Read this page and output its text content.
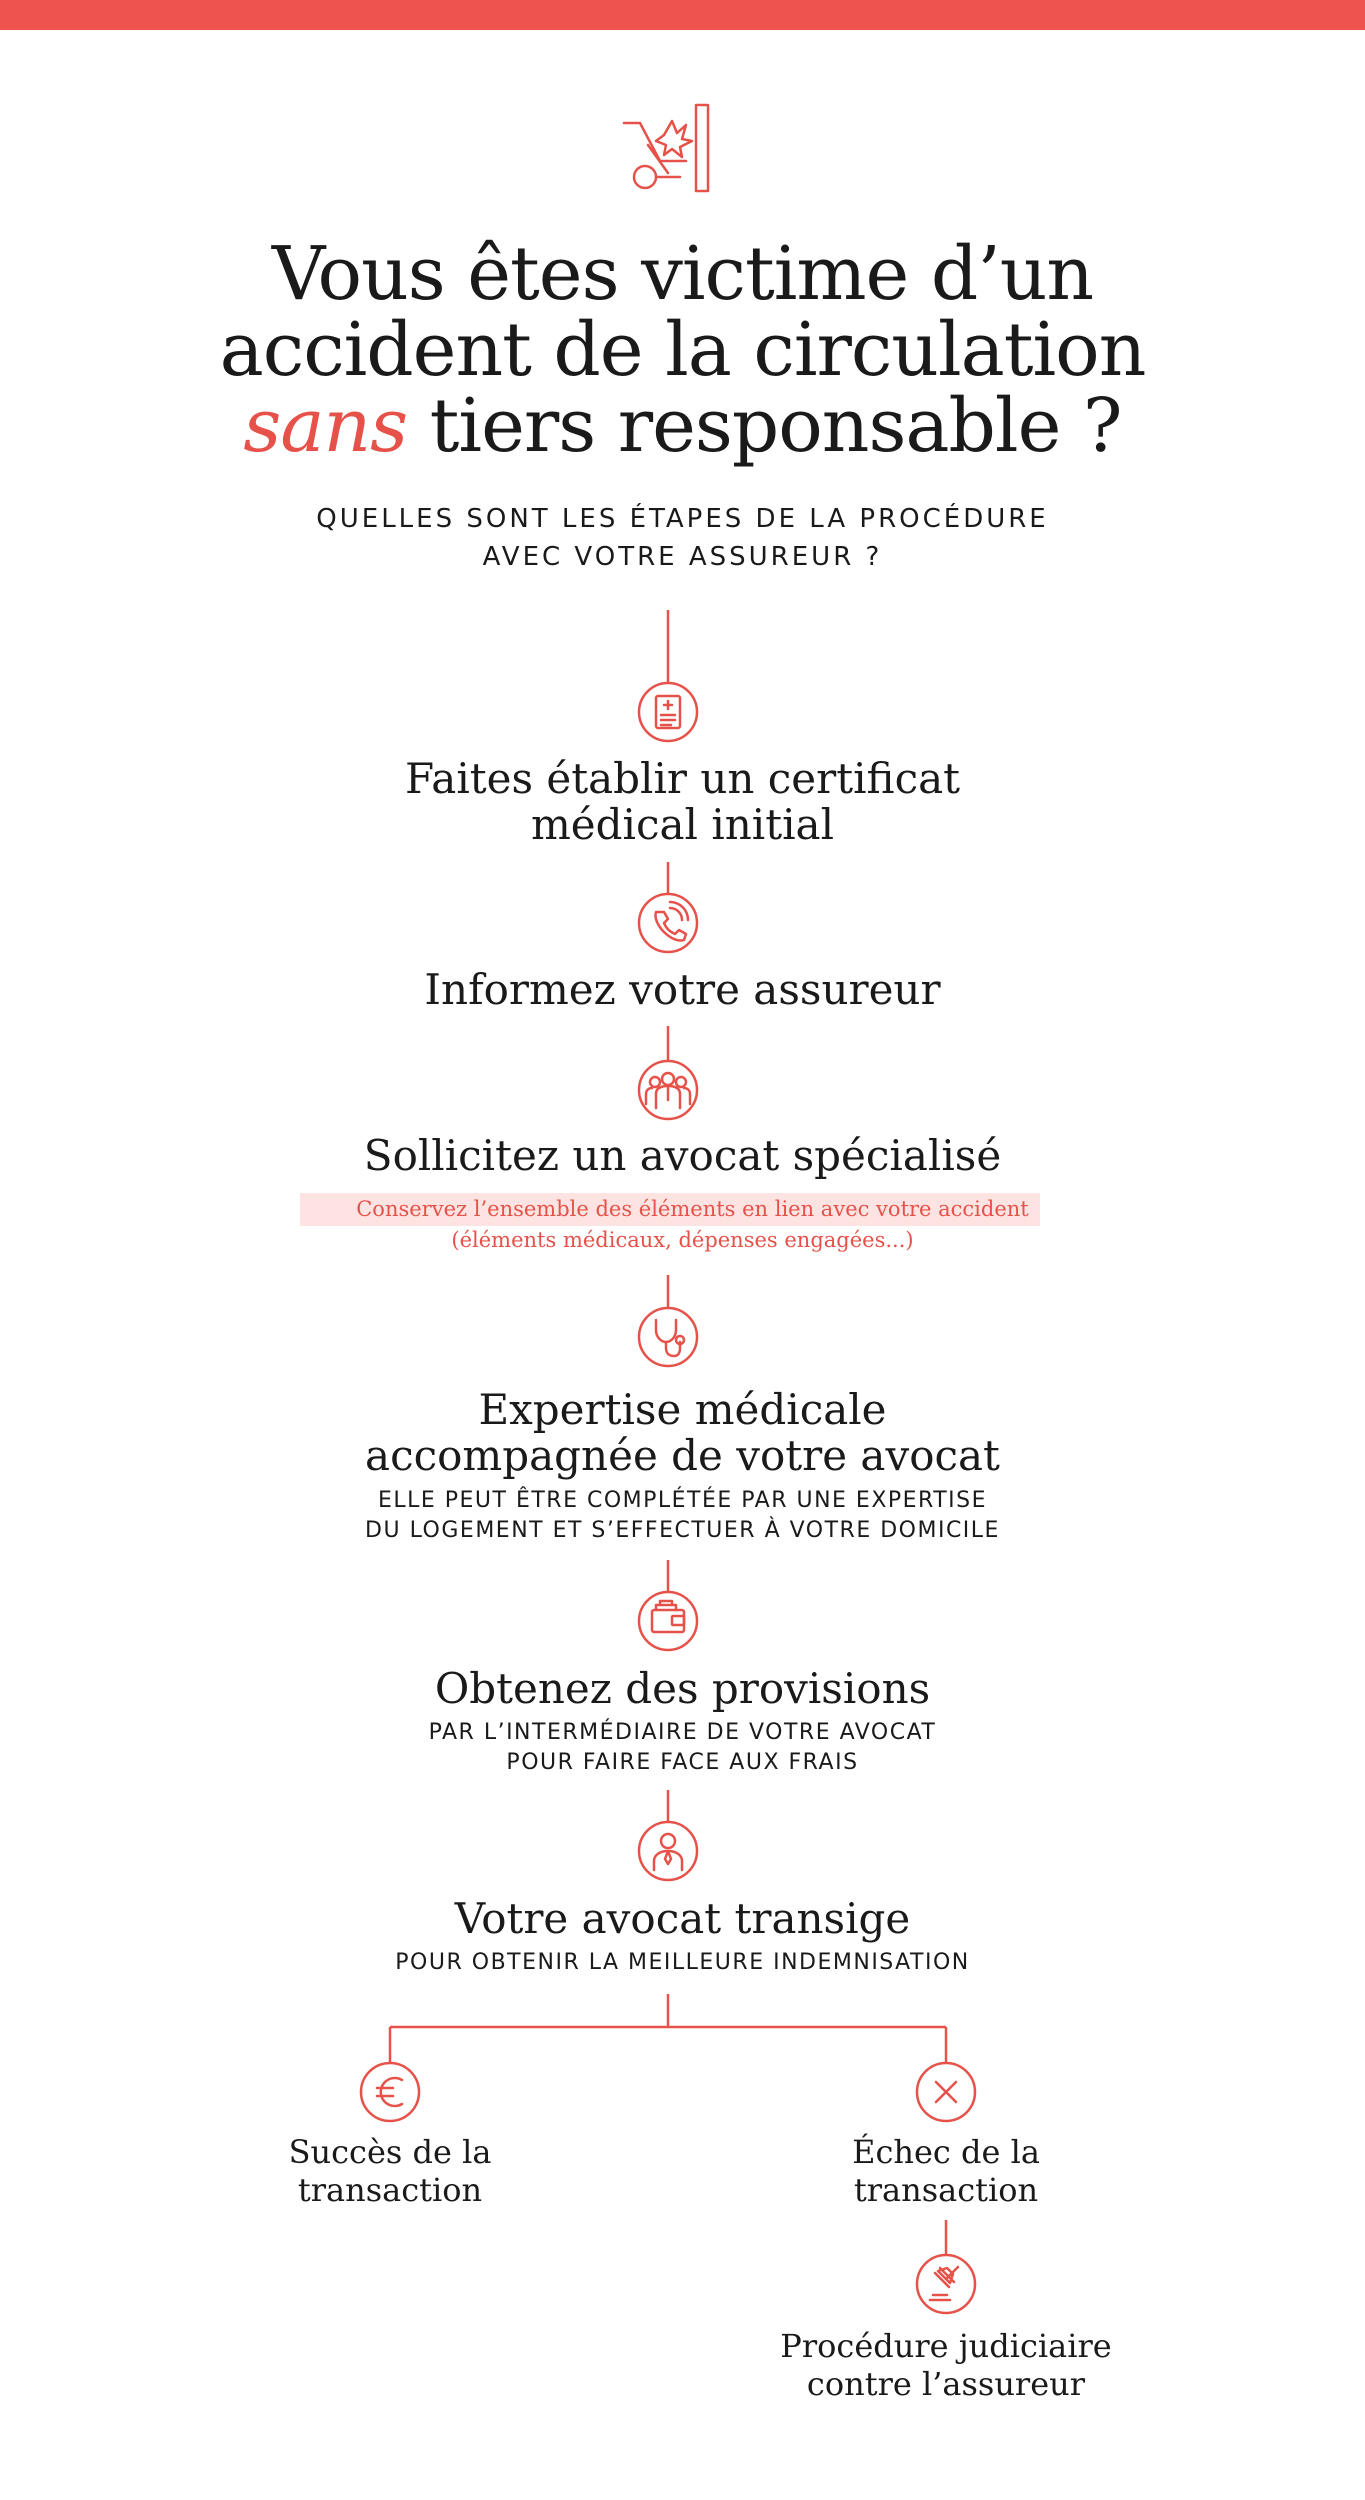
Vous êtes victime d’un
accident de la circulation
sans tiers responsable ?
QUELLES SONT LES ÉTAPES DE LA PROCÉDURE
AVEC VOTRE ASSUREUR ?
Faites établir un certificat
médical initial
Informez votre assureur
Sollicitez un avocat spécialisé
Conservez l’ensemble des éléments en lien avec votre accident
(éléments médicaux, dépenses engagées...)
Expertise médicale
accompagnée de votre avocat
ELLE PEUT ÊTRE COMPLÉTÉE PAR UNE EXPERTISE
DU LOGEMENT ET S’EFFECTUER À VOTRE DOMICILE
Obtenez des provisions
PAR L’INTERMÉDIAIRE DE VOTRE AVOCAT
POUR FAIRE FACE AUX FRAIS
Votre avocat transige
POUR OBTENIR LA MEILLEURE INDEMNISATION
Succès de la
transaction
Échec de la
transaction
Procédure judiciaire
contre l’assureur
